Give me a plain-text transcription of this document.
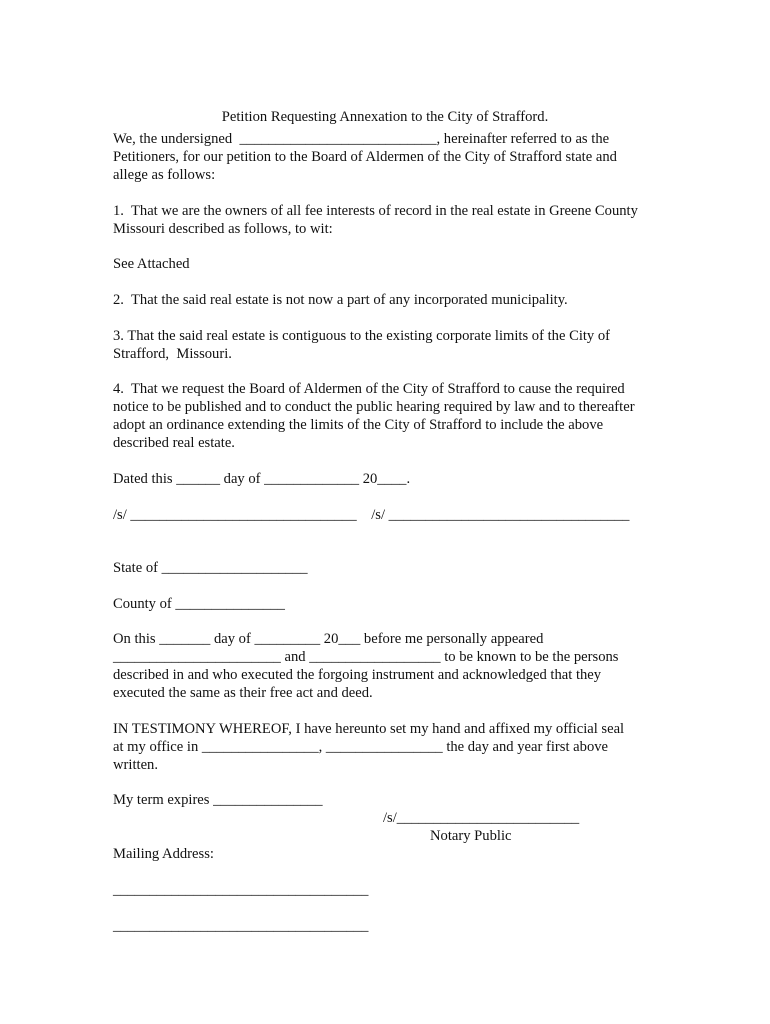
Petition Requesting Annexation to the City of Strafford.

We, the undersigned  ___________________________, hereinafter referred to as the

Petitioners, for our petition to the Board of Aldermen of the City of Strafford state and

allege as follows:

1.  That we are the owners of all fee interests of record in the real estate in Greene County

Missouri described as follows, to wit:

See Attached

2.  That the said real estate is not now a part of any incorporated municipality.

3. That the said real estate is contiguous to the existing corporate limits of the City of

Strafford,  Missouri.

4.  That we request the Board of Aldermen of the City of Strafford to cause the required

notice to be published and to conduct the public hearing required by law and to thereafter

adopt an ordinance extending the limits of the City of Strafford to include the above

described real estate.

Dated this ______ day of _____________ 20____.

/s/ _______________________________    /s/ _________________________________

State of ____________________

County of _______________

On this _______ day of _________ 20___ before me personally appeared

_______________________ and __________________ to be known to be the persons

described in and who executed the forgoing instrument and acknowledged that they

executed the same as their free act and deed.

IN TESTIMONY WHEREOF, I have hereunto set my hand and affixed my official seal

at my office in ________________, ________________ the day and year first above

written.

My term expires _______________

/s/_________________________

Notary Public

Mailing Address:

___________________________________

___________________________________
